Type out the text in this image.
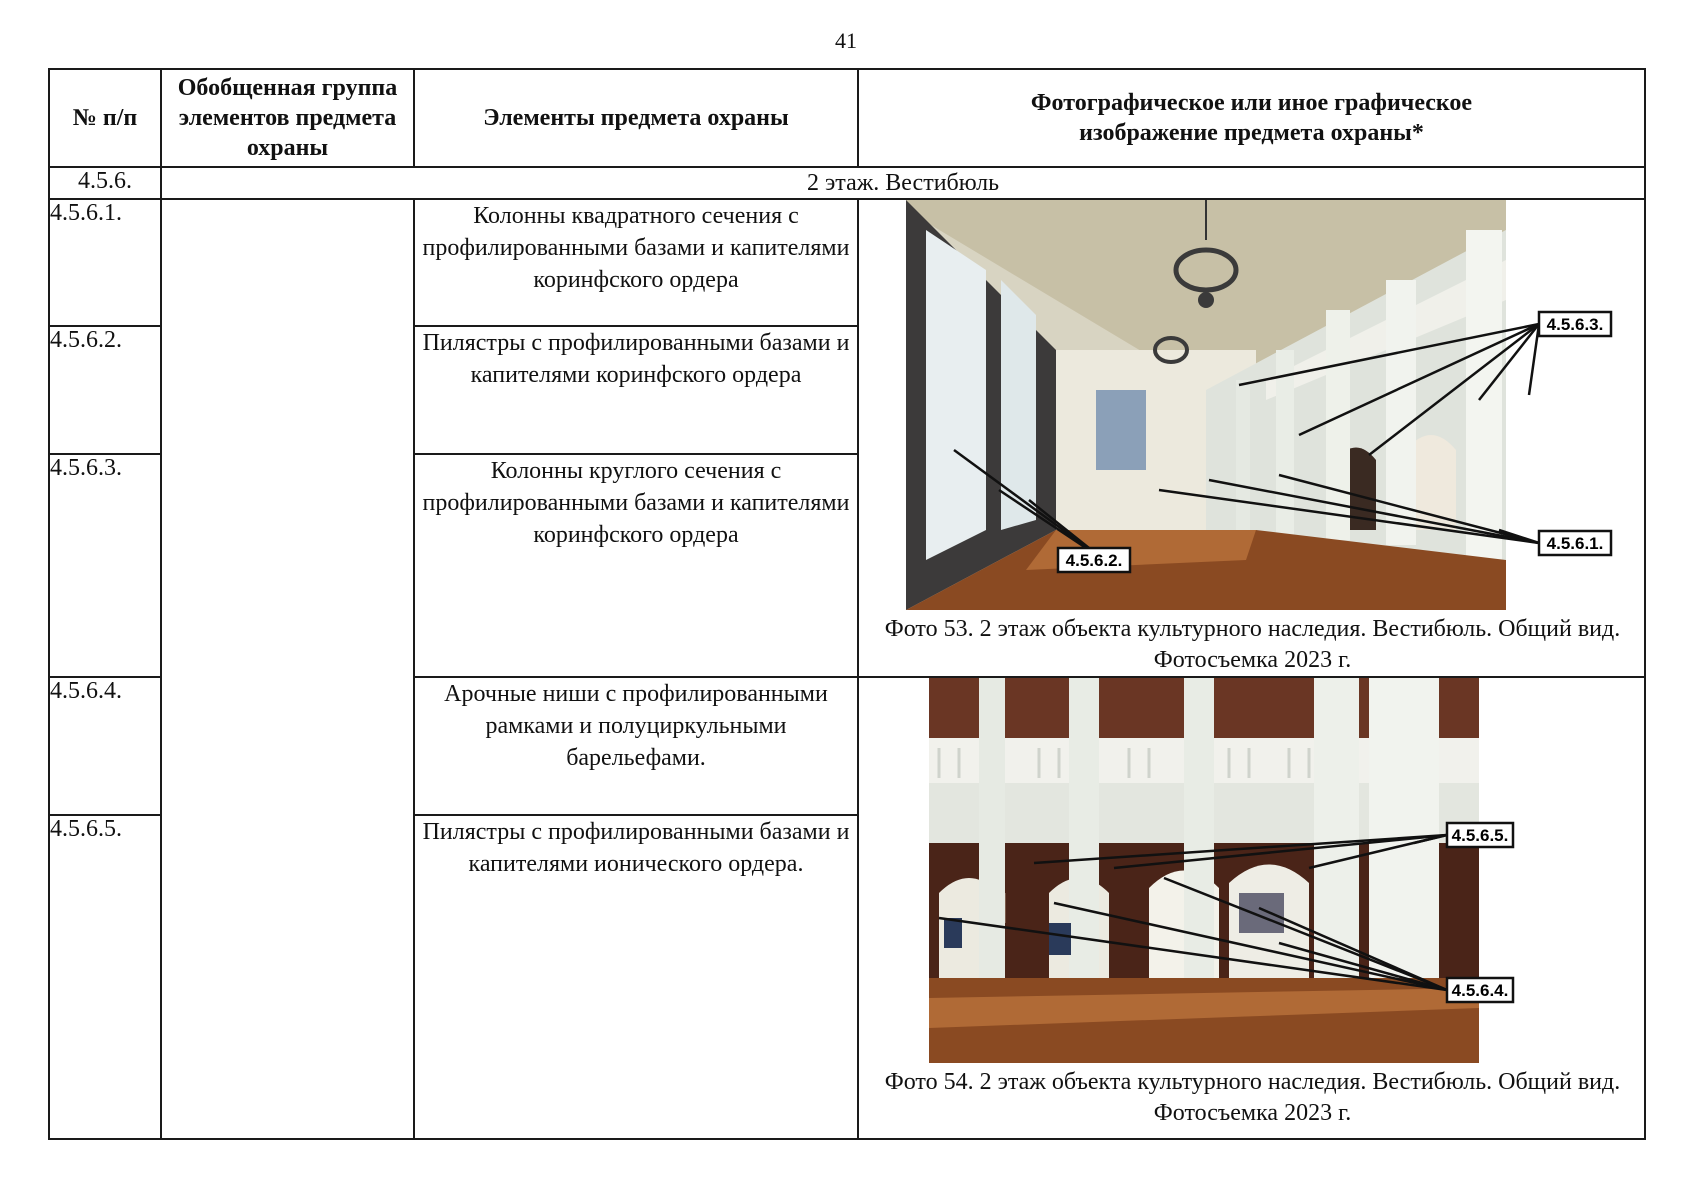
41
№ п/п	Обобщенная группа элементов предмета охраны	Элементы предмета охраны	Фотографическое или иное графическое изображение предмета охраны*
4.5.6.	2 этаж. Вестибюль		
4.5.6.1.		Колонны квадратного сечения с профилированными базами и капителями коринфского ордера	4.5.6.3.
4.5.6.2.
4.5.6.1.
Фото 53. 2 этаж объекта культурного наследия. Вестибюль. Общий вид. Фотосъемка 2023 г.

4.5.6.2.		Пилястры с профилированными базами и капителями коринфского ордера	
4.5.6.3.		Колонны круглого сечения с профилированными базами и капителями коринфского ордера	
4.5.6.4.		Арочные ниши с профилированными рамками и полуциркульными барельефами.	4.5.6.5.
4.5.6.4.
Фото 54. 2 этаж объекта культурного наследия. Вестибюль. Общий вид. Фотосъемка 2023 г.

4.5.6.5.		Пилястры с профилированными базами и капителями ионического ордера.	
